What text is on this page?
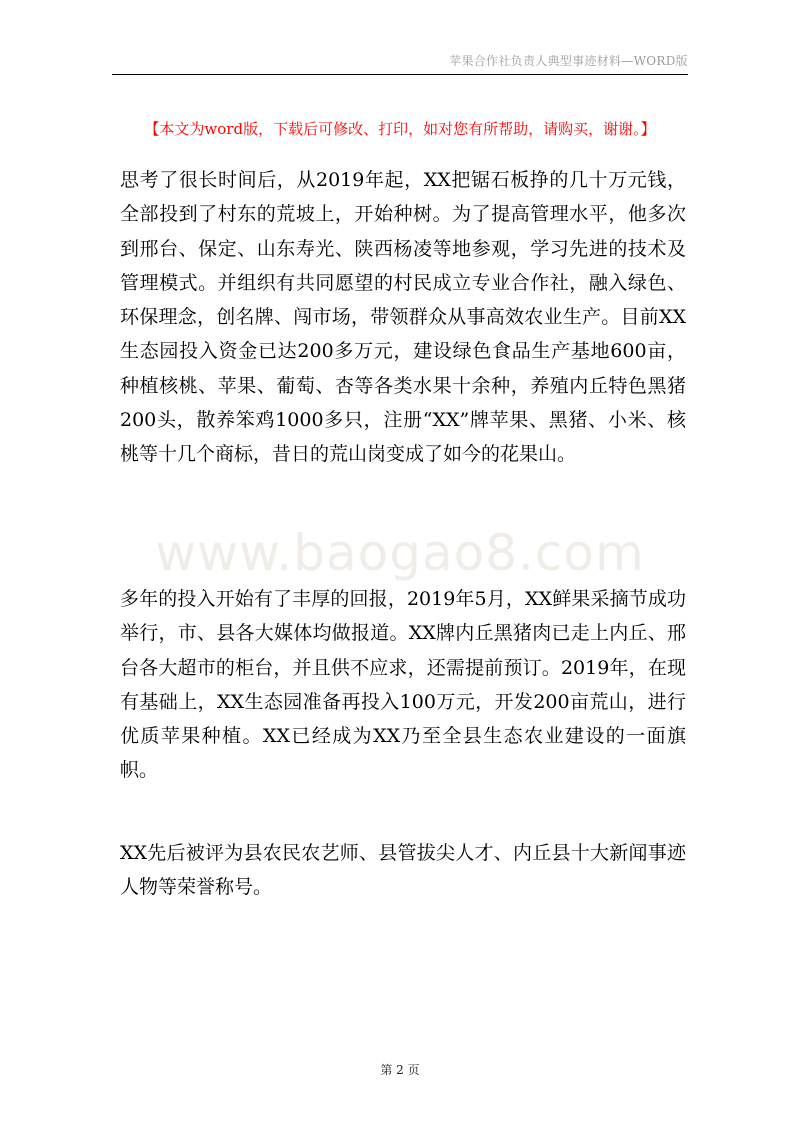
苹果合作社负责人典型事迹材料—WORD版
【本文为word版，下载后可修改、打印，如对您有所帮助，请购买，谢谢。】

思考了很长时间后，从2019年起，XX把锯石板挣的几十万元钱，全部投到了村东的荒坡上，开始种树。为了提高管理水平，他多次到邢台、保定、山东寿光、陕西杨凌等地参观，学习先进的技术及管理模式。并组织有共同愿望的村民成立专业合作社，融入绿色、环保理念，创名牌、闯市场，带领群众从事高效农业生产。目前XX生态园投入资金已达200多万元，建设绿色食品生产基地600亩，种植核桃、苹果、葡萄、杏等各类水果十余种，养殖内丘特色黑猪200头，散养笨鸡1000多只，注册“XX”牌苹果、黑猪、小米、核桃等十几个商标，昔日的荒山岗变成了如今的花果山。

www.baogao8.com

多年的投入开始有了丰厚的回报，2019年5月，XX鲜果采摘节成功举行，市、县各大媒体均做报道。XX牌内丘黑猪肉已走上内丘、邢台各大超市的柜台，并且供不应求，还需提前预订。2019年，在现有基础上，XX生态园准备再投入100万元，开发200亩荒山，进行优质苹果种植。XX已经成为XX乃至全县生态农业建设的一面旗帜。

XX先后被评为县农民农艺师、县管拔尖人才、内丘县十大新闻事迹人物等荣誉称号。

第 2 页
